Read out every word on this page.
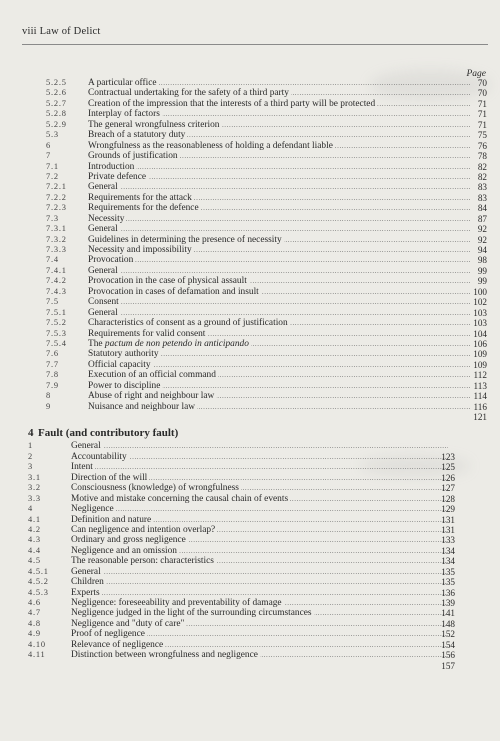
viii Law of Delict
Page
5.2.5	A particular office .....	70
5.2.6	Contractual undertaking for the safety of a third party .....	70
5.2.7	Creation of the impression that the interests of a third party will be protected .....	71
5.2.8	Interplay of factors .....	71
5.2.9	The general wrongfulness criterion .....	71
5.3	Breach of a statutory duty .....	75
6	Wrongfulness as the reasonableness of holding a defendant liable .....	76
7	Grounds of justification .....	78
7.1	Introduction .....	82
7.2	Private defence .....	82
7.2.1	General .....	83
7.2.2	Requirements for the attack .....	83
7.2.3	Requirements for the defence .....	84
7.3	Necessity .....	87
7.3.1	General .....	92
7.3.2	Guidelines in determining the presence of necessity .....	92
7.3.3	Necessity and impossibility .....	94
7.4	Provocation .....	98
7.4.1	General .....	99
7.4.2	Provocation in the case of physical assault .....	99
7.4.3	Provocation in cases of defamation and insult .....	100
7.5	Consent .....	102
7.5.1	General .....	103
7.5.2	Characteristics of consent as a ground of justification .....	103
7.5.3	Requirements for valid consent .....	104
7.5.4	The pactum de non petendo in anticipando .....	106
7.6	Statutory authority .....	109
7.7	Official capacity .....	109
7.8	Execution of an official command .....	112
7.9	Power to discipline .....	113
8	Abuse of right and neighbour law .....	114
9	Nuisance and neighbour law .....	116
121
4 Fault (and contributory fault)
1	General .....
2	Accountability .....	123
3	Intent .....	125
3.1	Direction of the will .....	126
3.2	Consciousness (knowledge) of wrongfulness .....	127
3.3	Motive and mistake concerning the causal chain of events .....	128
4	Negligence .....	129
4.1	Definition and nature .....	131
4.2	Can negligence and intention overlap? .....	131
4.3	Ordinary and gross negligence .....	133
4.4	Negligence and an omission .....	134
4.5	The reasonable person: characteristics .....	134
4.5.1	General .....	135
4.5.2	Children .....	135
4.5.3	Experts .....	136
4.6	Negligence: foreseeability and preventability of damage .....	139
4.7	Negligence judged in the light of the surrounding circumstances .....	141
4.8	Negligence and "duty of care" .....	148
4.9	Proof of negligence .....	152
4.10	Relevance of negligence .....	154
4.11	Distinction between wrongfulness and negligence .....	156
157
